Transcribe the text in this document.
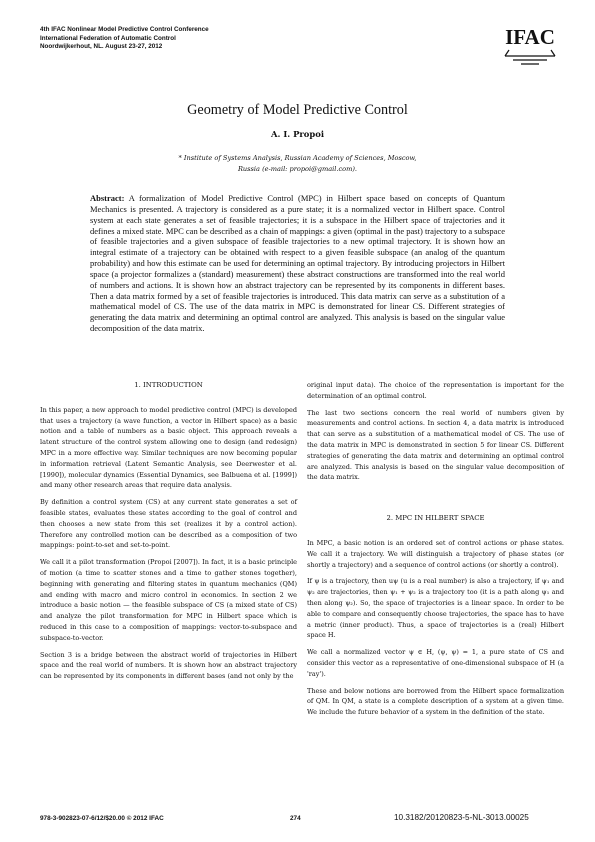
4th IFAC Nonlinear Model Predictive Control Conference
International Federation of Automatic Control
Noordwijkerhout, NL. August 23-27, 2012	IFAC
Geometry of Model Predictive Control
A. I. Propoi
* Institute of Systems Analysis, Russian Academy of Sciences, Moscow,
Russia (e-mail: propoi@gmail.com).
Abstract: A formalization of Model Predictive Control (MPC) in Hilbert space based on concepts of Quantum Mechanics is presented. A trajectory is considered as a pure state; it is a normalized vector in Hilbert space. Control system at each state generates a set of feasible trajectories; it is a subspace in the Hilbert space of trajectories and it defines a mixed state. MPC can be described as a chain of mappings: a given (optimal in the past) trajectory to a subspace of feasible trajectories and a given subspace of feasible trajectories to a new optimal trajectory. It is shown how an integral estimate of a trajectory can be obtained with respect to a given feasible subspace (an analog of the quantum probability) and how this estimate can be used for determining an optimal trajectory. By introducing projectors in Hilbert space (a projector formalizes a (standard) measurement) these abstract constructions are transformed into the real world of numbers and actions. It is shown how an abstract trajectory can be represented by its components in different bases. Then a data matrix formed by a set of feasible trajectories is introduced. This data matrix can serve as a substitution of a mathematical model of CS. The use of the data matrix in MPC is demonstrated for linear CS. Different strategies of generating the data matrix and determining an optimal control are analyzed. This analysis is based on the singular value decomposition of the data matrix.
1. INTRODUCTION

In this paper, a new approach to model predictive control (MPC) is developed that uses a trajectory (a wave function, a vector in Hilbert space) as a basic notion and a table of numbers as a basic object. This approach reveals a latent structure of the control system allowing one to design (and redesign) MPC in a more effective way. Similar techniques are now becoming popular in information retrieval (Latent Semantic Analysis, see Deerwester et al. [1990]), molecular dynamics (Essential Dynamics, see Balbuena et al. [1999]) and many other research areas that require data analysis.

By definition a control system (CS) at any current state generates a set of feasible states, evaluates these states according to the goal of control and then chooses a new state from this set (realizes it by a control action). Therefore any controlled motion can be described as a composition of two mappings: point-to-set and set-to-point.

We call it a pilot transformation (Propoi [2007]). In fact, it is a basic principle of motion (a time to scatter stones and a time to gather stones together), beginning with generating and filtering states in quantum mechanics (QM) and ending with macro and micro control in economics. In section 2 we introduce a basic notion — the feasible subspace of CS (a mixed state of CS) and analyze the pilot transformation for MPC in Hilbert space which is reduced in this case to a composition of mappings: vector-to-subspace and subspace-to-vector.

Section 3 is a bridge between the abstract world of trajectories in Hilbert space and the real world of numbers. It is shown how an abstract trajectory can be represented by its components in different bases (and not only by the

original input data). The choice of the representation is important for the determination of an optimal control.

The last two sections concern the real world of numbers given by measurements and control actions. In section 4, a data matrix is introduced that can serve as a substitution of a mathematical model of CS. The use of the data matrix in MPC is demonstrated in section 5 for linear CS. Different strategies of generating the data matrix and determining an optimal control are analyzed. This analysis is based on the singular value decomposition of the data matrix.

2. MPC IN HILBERT SPACE

In MPC, a basic notion is an ordered set of control actions or phase states. We call it a trajectory. We will distinguish a trajectory of phase states (or shortly a trajectory) and a sequence of control actions (or shortly a control).

If ψ is a trajectory, then uψ (u is a real number) is also a trajectory, if ψ₁ and ψ₂ are trajectories, then ψ₁ + ψ₂ is a trajectory too (it is a path along ψ₁ and then along ψ₂). So, the space of trajectories is a linear space. In order to be able to compare and consequently choose trajectories, the space has to have a metric (inner product). Thus, a space of trajectories is a (real) Hilbert space H.

We call a normalized vector ψ ∈ H, (ψ, ψ) = 1, a pure state of CS and consider this vector as a representative of one-dimensional subspace of H (a 'ray').

These and below notions are borrowed from the Hilbert space formalization of QM. In QM, a state is a complete description of a system at a given time. We include the future behavior of a system in the definition of the state.

978-3-902823-07-6/12/$20.00 © 2012 IFAC	274	10.3182/20120823-5-NL-3013.00025
